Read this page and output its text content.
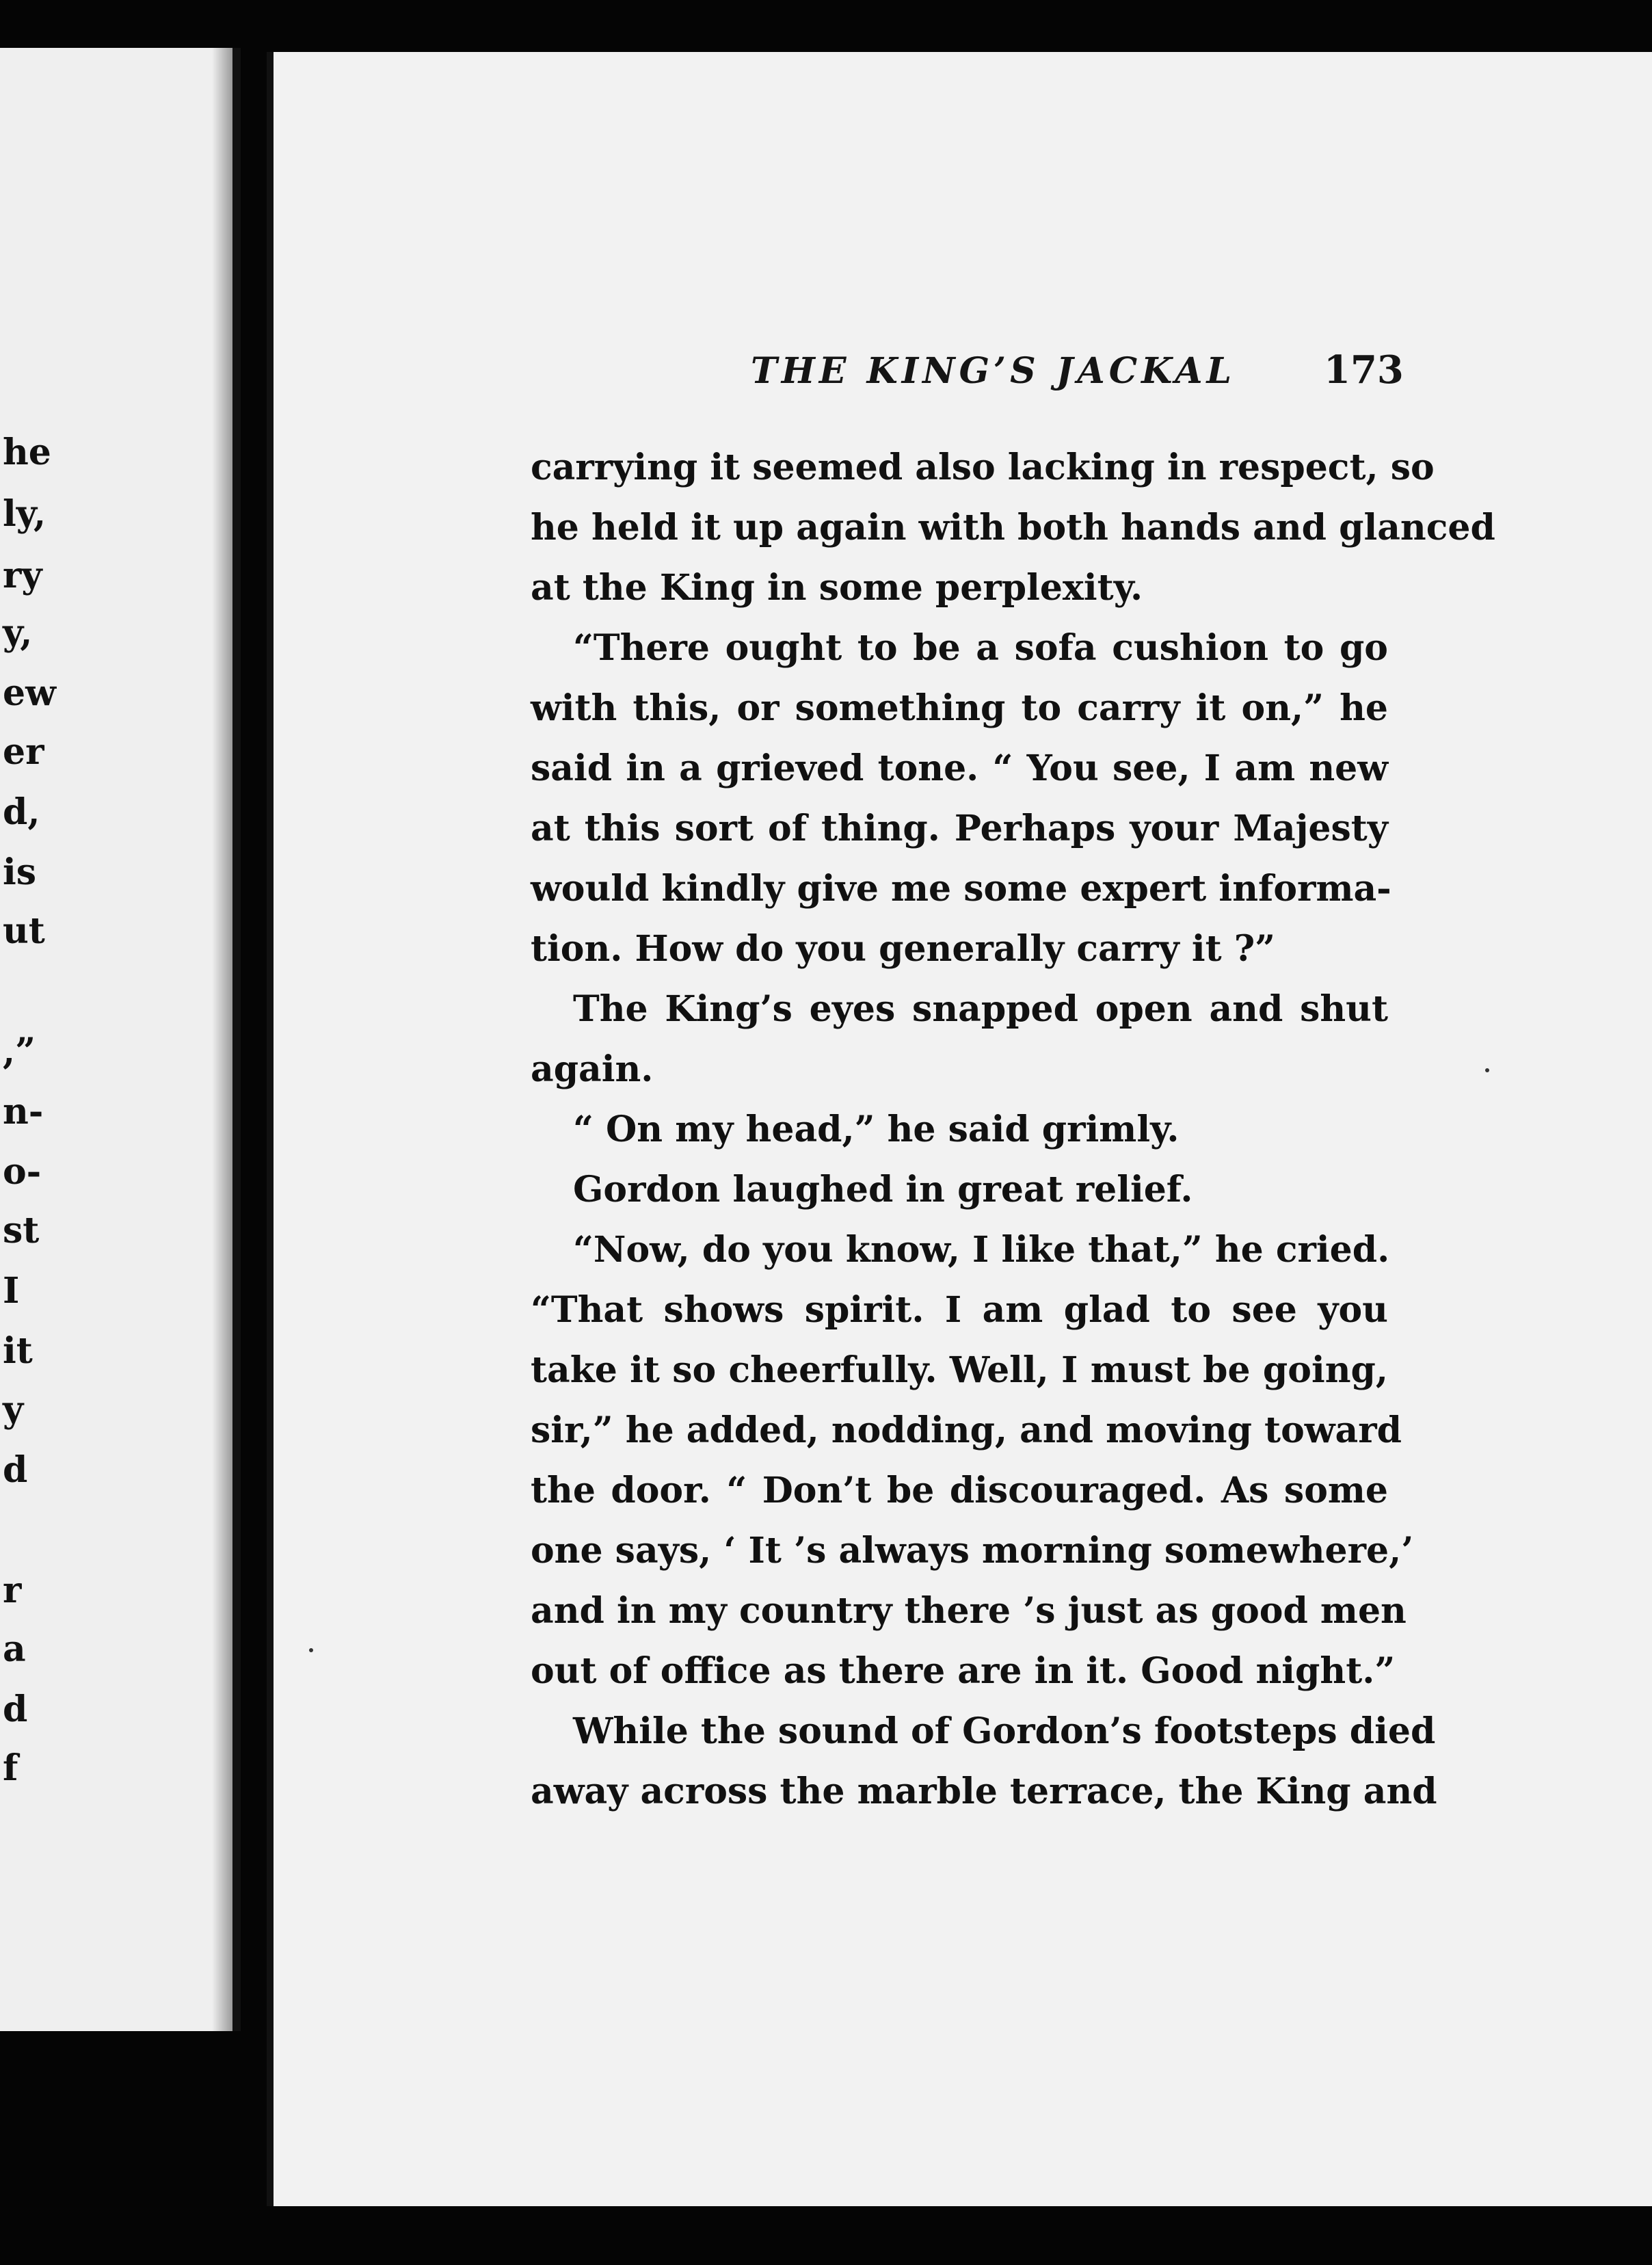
he
ly,
ry
y,
ew
er
d,
is
ut
,”
n-
o-
st
I
it
y
d
r
a
d
f
THE KING’S JACKAL 173
carrying it seemed also lacking in respect, so
he held it up again with both hands and glanced
at the King in some perplexity.
“There ought to be a sofa cushion to go
with this, or something to carry it on,” he
said in a grieved tone. “ You see, I am new
at this sort of thing. Perhaps your Majesty
would kindly give me some expert informa-
tion. How do you generally carry it ?”
The King’s eyes snapped open and shut
again.
“ On my head,” he said grimly.
Gordon laughed in great relief.
“Now, do you know, I like that,” he cried.
“That shows spirit. I am glad to see you
take it so cheerfully. Well, I must be going,
sir,” he added, nodding, and moving toward
the door. “ Don’t be discouraged. As some
one says, ‘ It ’s always morning somewhere,’
and in my country there ’s just as good men
out of office as there are in it. Good night.”
While the sound of Gordon’s footsteps died
away across the marble terrace, the King and
